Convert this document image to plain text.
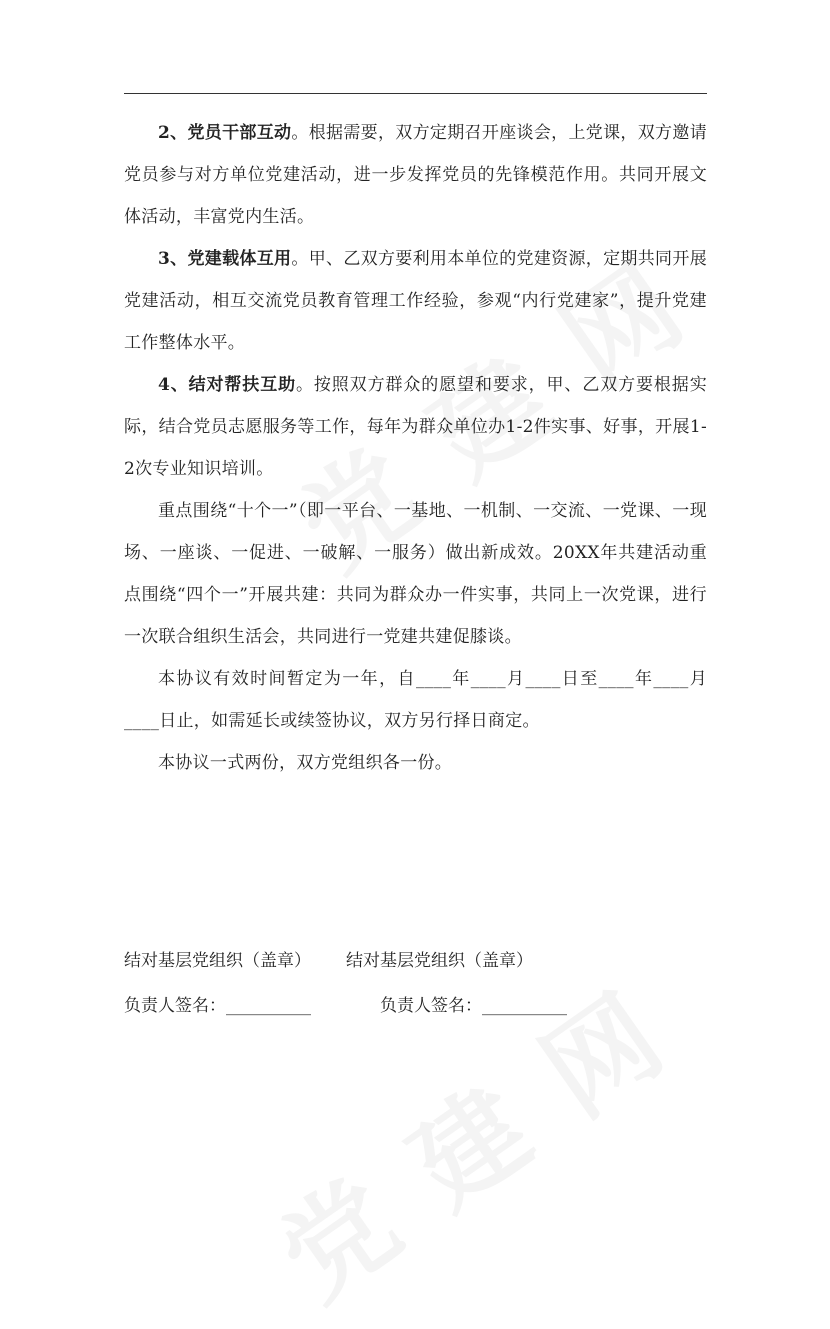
2、党员干部互动。根据需要，双方定期召开座谈会，上党课，双方邀请党员参与对方单位党建活动，进一步发挥党员的先锋模范作用。共同开展文体活动，丰富党内生活。

3、党建载体互用。甲、乙双方要利用本单位的党建资源，定期共同开展党建活动，相互交流党员教育管理工作经验，参观“内行党建家”，提升党建工作整体水平。

4、结对帮扶互助。按照双方群众的愿望和要求，甲、乙双方要根据实际，结合党员志愿服务等工作，每年为群众单位办1-2件实事、好事，开展1-2次专业知识培训。

重点围绕“十个一”（即一平台、一基地、一机制、一交流、一党课、一现场、一座谈、一促进、一破解、一服务）做出新成效。20XX年共建活动重点围绕“四个一”开展共建：共同为群众办一件实事，共同上一次党课，进行一次联合组织生活会，共同进行一党建共建促膝谈。

本协议有效时间暂定为一年，自____年____月____日至____年____月____日止，如需延长或续签协议，双方另行择日商定。

本协议一式两份，双方党组织各一份。

结对基层党组织（盖章） 结对基层党组织（盖章）
负责人签名：__________	负责人签名：__________
